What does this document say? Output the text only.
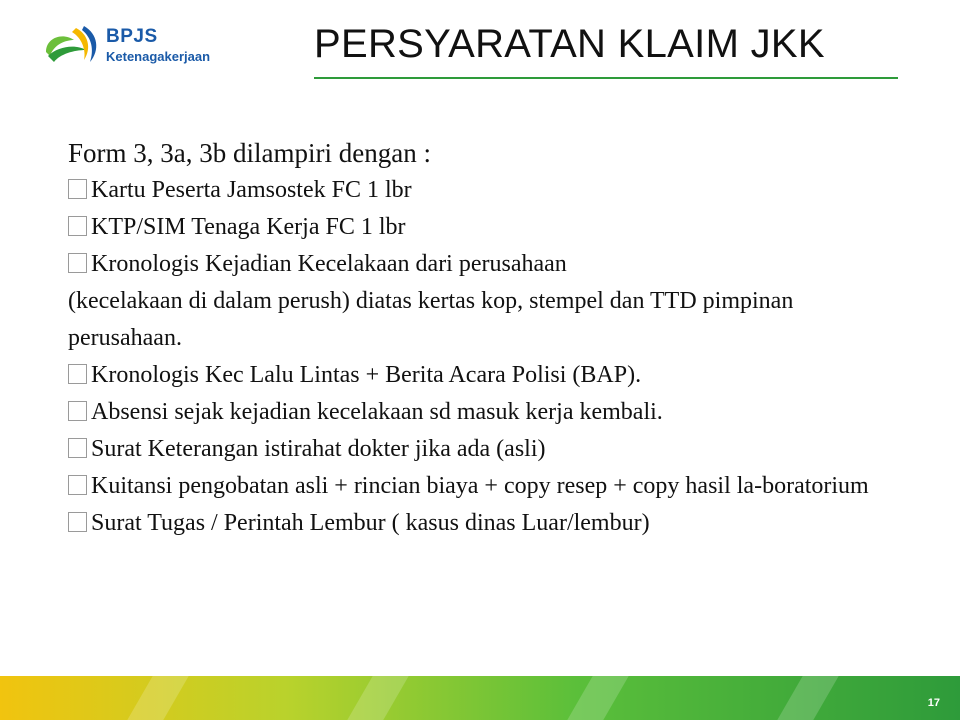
BPJS
Ketenagakerjaan	PERSYARATAN KLAIM JKK

Form 3, 3a, 3b dilampiri dengan :

Kartu Peserta Jamsostek FC 1 lbr
KTP/SIM Tenaga Kerja FC 1 lbr
Kronologis Kejadian Kecelakaan dari perusahaan
(kecelakaan di dalam perush) diatas kertas kop, stempel dan TTD pimpinan perusahaan.
Kronologis Kec Lalu Lintas + Berita Acara Polisi (BAP).
Absensi sejak kejadian kecelakaan sd masuk kerja kembali.
Surat Keterangan istirahat dokter jika ada (asli)
Kuitansi pengobatan asli + rincian biaya + copy resep + copy hasil la-boratorium
Surat Tugas / Perintah Lembur ( kasus dinas Luar/lembur)
17
